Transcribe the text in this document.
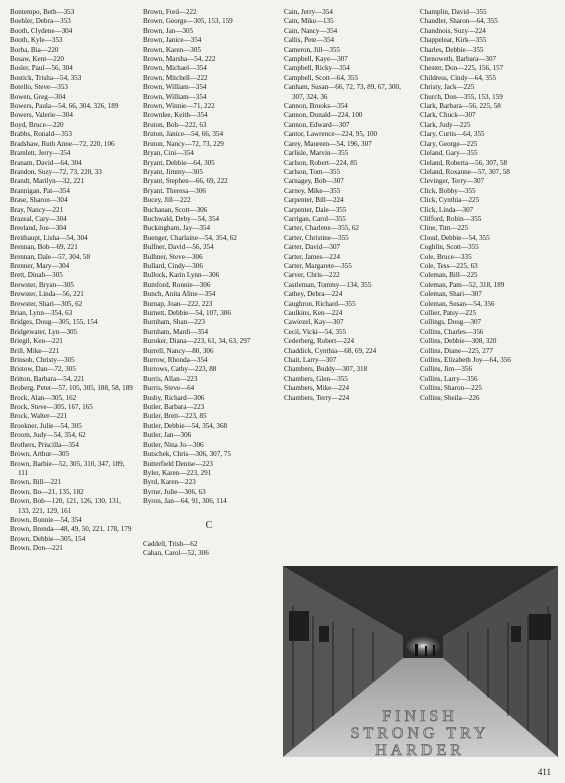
Bontempo, Beth—353
Boehler, Debra—353
Booth, Clydene—304
Booth, Kyle—353
Borba, Bia—220
Bosaw, Kent—220
Bosler, Paul—56, 304
Bostick, Trisha—54, 353
Botello, Steve—353
Bowen, Greg—304
Bowers, Paula—54, 66, 304, 326, 189
Bowers, Valerie—304
Boyd, Bruce—220
Brabbs, Ronald—353
Bradshaw, Ruth Anne—72, 220, 106
Bramlett, Jerry—354
Branam, David—64, 304
Brandon, Suzy—72, 73, 220, 33
Brandt, Marilyn—32, 221
Brannigan, Pat—354
Brase, Sharon—304
Bray, Nancy—221
Brazeal, Cary—304
Breeland, Joe—304
Breithaupt, Lisha—54, 304
Brennan, Bob—69, 221
Brennan, Dale—57, 304, 58
Brenner, Mary—304
Brett, Dinah—305
Brewster, Bryan—305
Brewster, Linda—56, 221
Brewster, Shari—305, 62
Brian, Lynn—354, 63
Bridges, Doug—305, 155, 154
Bridgewater, Lyn—305
Briegil, Ken—221
Brill, Mike—221
Brinsoh, Christy—305
Bristow, Dan—72, 305
Britton, Barbara—54, 221
Broberg, Peter—57, 105, 305, 188, 58, 189
Brock, Alan—305, 162
Brock, Steve—305, 167, 165
Brock, Walter—221
Brookner, Julie—54, 305
Broom, Judy—54, 354, 62
Brothers, Priscilla—354
Brown, Arthur—305
Brown, Barbie—52, 305, 310, 347, 189, 111
Brown, Bill—221
Brown, Bo—21, 135, 182
Brown, Bob—120, 121, 126, 130, 131, 133, 221, 129, 161
Brown, Bonnie—54, 354
Brown, Brenda—48, 49, 50, 221, 178, 179
Brown, Debbie—305, 154
Brown, Don—221
Brown, Fred—222
Brown, George—305, 153, 159
Brown, Jan—305
Brown, Janice—354
Brown, Karen—305
Brown, Marsha—54, 222
Brown, Michael—354
Brown, Mitchell—222
Brown, William—354
Brown, William—354
Brown, Winnie—71, 222
Brownlee, Keith—354
Bruton, Bob—222, 63
Bruton, Janice—54, 66, 354
Bruton, Nancy—72, 73, 229
Bryan, Cini—354
Bryant, Debbie—64, 305
Bryant, Jimmy—305
Bryant, Stephen—66, 69, 222
Bryant, Theresa—306
Bucey, Jill—222
Buchanan, Scott—306
Buchwald, Deby—54, 354
Buckingham, Jay—354
Buenger, Charlaine—54, 354, 62
Bulfner, David—56, 354
Bulhner, Steve—306
Bullard, Cindy—306
Bullock, Karin Lynn—306
Bumford, Ronnie—306
Bunch, Anita Aline—354
Burnap, Joan—222, 223
Burnett, Debbie—54, 107, 306
Burnham, Shan—223
Burnham, Mardi—354
Buroker, Diana—223, 61, 34, 63, 297
Burrell, Nancy—80, 306
Burrow, Rhonda—354
Burrows, Cathy—223, 88
Burris, Allan—223
Burris, Steve—64
Busby, Richard—306
Butler, Barbara—223
Butler, Brett—223, 85
Butler, Debbie—54, 354, 368
Butler, Jan—306
Butler, Nina Jo—306
Butschek, Chris—306, 307, 75
Butterfield Denise—223
Byler, Karen—223, 291
Byrd, Karen—223
Byrne, Julie—306, 63
Byron, Jan—64, 91, 306, 114
C
Caddell, Trish—62
Cahan, Carol—52, 306
Cain, Jerry—354
Cain, Mike—135
Cain, Nancy—354
Callis, Pete—354
Cameron, Jill—355
Campbell, Kaye—307
Campbell, Ricky—354
Campbell, Scott—64, 355
Canham, Susan—66, 72, 73, 89, 67, 300, 307, 324, 36
Cannon, Brooks—354
Cannon, Donald—224, 100
Cannon, Edward—307
Cantor, Lawrence—224, 95, 100
Carey, Maureen—54, 196, 307
Carlisle, Marvin—355
Carlson, Robert—224, 85
Carlson, Tom—355
Carnagey, Bob—307
Carney, Mike—355
Carpenter, Bill—224
Carpenter, Dale—355
Carrigan, Carol—355
Carter, Charlene—355, 62
Carter, Christine—355
Carter, David—307
Carter, James—224
Carter, Margarete—355
Carver, Chris—222
Castleman, Tommy—134, 355
Cathey, Debra—224
Caughron, Richard—355
Caulkins, Ken—224
Cawiezel, Kay—307
Cecil, Vicki—54, 355
Cederberg, Robert—224
Chaddick, Cynthia—68, 69, 224
Chait, Larry—307
Chambers, Buddy—307, 318
Chambers, Glen—355
Chambers, Mike—224
Chambers, Terry—224
Champlin, David—355
Chandler, Sharon—64, 355
Chandnois, Suzy—224
Chappelear, Kirk—355
Charles, Debbie—355
Chenoweth, Barbara—307
Chester, Don—225, 156, 157
Childress, Cindy—64, 355
Christy, Jack—225
Church, Don—355, 153, 159
Clark, Barbara—56, 225, 58
Clark, Chuck—307
Clark, Judy—225
Clary, Curtis—64, 355
Clary, George—225
Cleland, Gary—355
Cleland, Roberta—56, 307, 58
Cleland, Roxanne—57, 307, 58
Clevinger, Terry—307
Click, Bobby—355
Click, Cynthia—225
Click, Linda—307
Clifford, Robin—355
Cline, Tim—225
Cloud, Debbie—54, 355
Coghlin, Scott—355
Cole, Bruce—335
Cole, Tess—225, 63
Coleman, Bill—225
Coleman, Pam—52, 318, 189
Coleman, Shari—307
Coleman, Susan—54, 356
Collier, Patsy—225
Collings, Doug—307
Collins, Charles—356
Collins, Debbie—308, 320
Collins, Diane—225, 277
Collins, Elizabeth Joy—64, 356
Collins, Jim—356
Collins, Larry—356
Collins, Sharon—225
Collins, Sheila—226
FINISH
STRONG TRY
HARDER
411
